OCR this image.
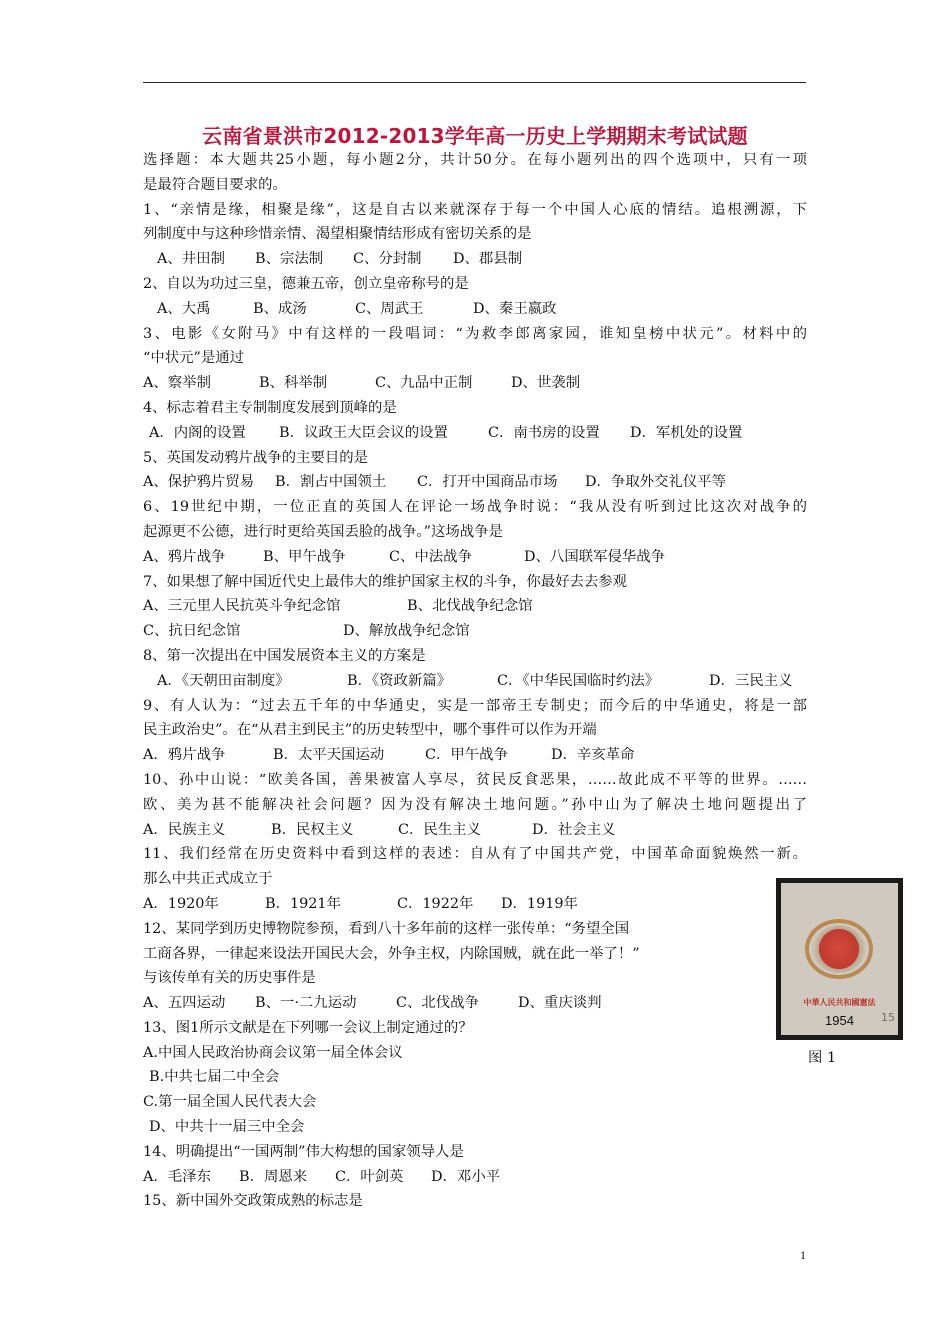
云南省景洪市2012-2013学年高一历史上学期期末考试试题
选择题：本大题共25小题，每小题2分，共计50分。在每小题列出的四个选项中，只有一项
是最符合题目要求的。
1、“亲情是缘，相聚是缘”，这是自古以来就深存于每一个中国人心底的情结。追根溯源，下
列制度中与这种珍惜亲情、渴望相聚情结形成有密切关系的是
A、井田制 B、宗法制 C、分封制 D、郡县制
2、自以为功过三皇，德兼五帝，创立皇帝称号的是
A、大禹	B、成汤	C、周武王	D、秦王嬴政
3、电影《女附马》中有这样的一段唱词：“为救李郎离家园，谁知皇榜中状元”。材料中的
“中状元”是通过
A、察举制	B、科举制	C、九品中正制	D、世袭制
4、标志着君主专制制度发展到顶峰的是
A．内阁的设置 B．议政王大臣会议的设置	C．南书房的设置 D．军机处的设置
5、英国发动鸦片战争的主要目的是
A、保护鸦片贸易 B．割占中国领土 C．打开中国商品市场 D．争取外交礼仪平等
6、19世纪中期，一位正直的英国人在评论一场战争时说：“我从没有听到过比这次对战争的
起源更不公德，进行时更给英国丢脸的战争。”这场战争是
A、鸦片战争	B、甲午战争	C、中法战争	D、八国联军侵华战争
7、如果想了解中国近代史上最伟大的维护国家主权的斗争，你最好去去参观
A、三元里人民抗英斗争纪念馆	B、北伐战争纪念馆
C、抗日纪念馆	D、解放战争纪念馆
8、第一次提出在中国发展资本主义的方案是
A．《天朝田亩制度》	B．《资政新篇》	C．《中华民国临时约法》	D．三民主义
9、有人认为：“过去五千年的中华通史，实是一部帝王专制史；而今后的中华通史，将是一部
民主政治史”。在“从君主到民主”的历史转型中，哪个事件可以作为开端
A．鸦片战争	B．太平天国运动	C．甲午战争	D．辛亥革命
10、孙中山说：“欧美各国，善果被富人享尽，贫民反食恶果，……故此成不平等的世界。……
欧、美为甚不能解决社会问题？因为没有解决土地问题。”孙中山为了解决土地问题提出了
A．民族主义	B．民权主义	C．民生主义	D．社会主义
11、我们经常在历史资料中看到这样的表述：自从有了中国共产党，中国革命面貌焕然一新。
那么中共正式成立于
A．1920年	B．1921年	C．1922年 D．1919年
12、某同学到历史博物院参预，看到八十多年前的这样一张传单：“务望全国
工商各界，一律起来设法开国民大会，外争主权，内除国贼，就在此一举了！”
与该传单有关的历史事件是
A、五四运动 B、一·二九运动	C、北伐战争	D、重庆谈判
13、图1所示文献是在下列哪一会议上制定通过的？
A.中国人民政治协商会议第一届全体会议
B.中共七届二中全会
C.第一届全国人民代表大会
D、中共十一届三中全会
14、明确提出“一国两制”伟大构想的国家领导人是
A．毛泽东 B．周恩来 C．叶剑英 D．邓小平
15、新中国外交政策成熟的标志是
中華人民共和國憲法
1954	15
图 1
1
